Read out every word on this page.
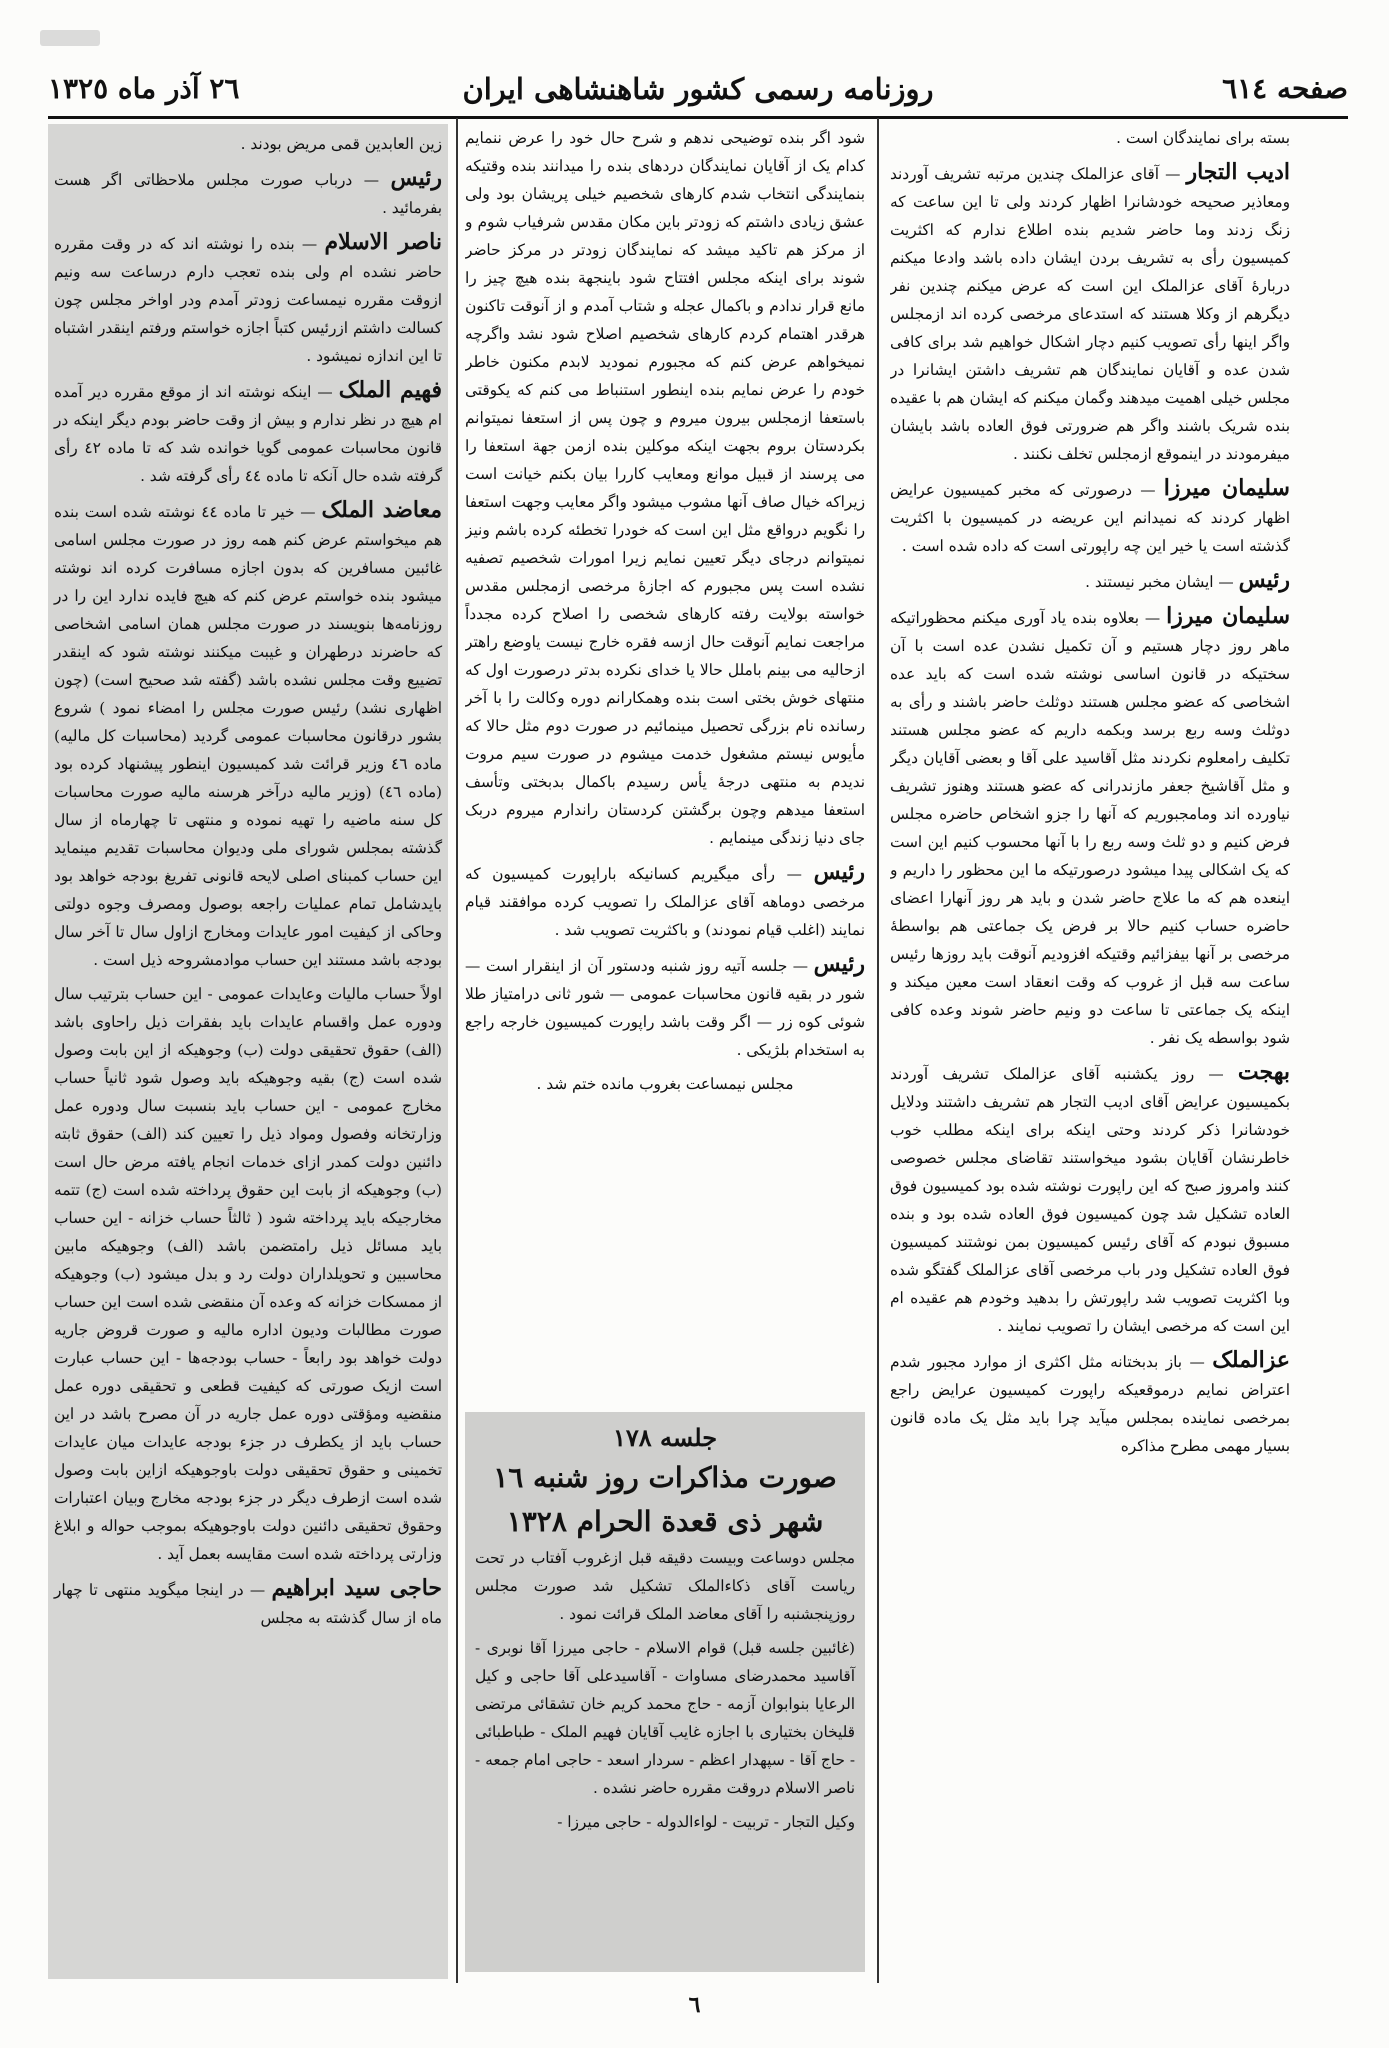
صفحه ٦١٤
روزنامه رسمی کشور شاهنشاهی ایران
٢٦ آذر ماه ١٣٢٥

بسته برای نمایندگان است .

ادیب التجار — آقای عزالملک چندین مرتبه تشریف آوردند ومعاذیر صحیحه خودشانرا اظهار کردند ولی تا این ساعت که زنگ زدند وما حاضر شدیم بنده اطلاع ندارم که اکثریت کمیسیون رأی به تشریف بردن ایشان داده باشد وادعا میکنم دربارهٔ آقای عزالملک این است که عرض میکنم چندین نفر دیگرهم از وکلا هستند که استدعای مرخصی کرده اند ازمجلس واگر اینها رأی تصویب کنیم دچار اشکال خواهیم شد برای کافی شدن عده و آقایان نمایندگان هم تشریف داشتن ایشانرا در مجلس خیلی اهمیت میدهند وگمان میکنم که ایشان هم با عقیده بنده شریک باشند واگر هم ضرورتی فوق العاده باشد بایشان میفرمودند در اینموقع ازمجلس تخلف نکنند .

سلیمان میرزا — درصورتی که مخبر کمیسیون عرایض اظهار کردند که نمیدانم این عریضه در کمیسیون با اکثریت گذشته است یا خیر این چه راپورتی است که داده شده است .

رئیس — ایشان مخبر نیستند .

سلیمان میرزا — بعلاوه بنده یاد آوری میکنم محظوراتیکه ماهر روز دچار هستیم و آن تکمیل نشدن عده است با آن سختیکه در قانون اساسی نوشته شده است که باید عده اشخاصی که عضو مجلس هستند دوثلث حاضر باشند و رأی به دوثلث وسه ربع برسد وبکمه داریم که عضو مجلس هستند تکلیف رامعلوم نکردند مثل آقاسید علی آقا و بعضی آقایان دیگر و مثل آقاشیخ جعفر مازندرانی که عضو هستند وهنوز تشریف نیاورده اند ومامجبوریم که آنها را جزو اشخاص حاضره مجلس فرض کنیم و دو ثلث وسه ربع را با آنها محسوب کنیم این است که یک اشکالی پیدا میشود درصورتیکه ما این محظور را داریم و اینعده هم که ما علاج حاضر شدن و باید هر روز آنهارا اعضای حاضره حساب کنیم حالا بر فرض یک جماعتی هم بواسطهٔ مرخصی بر آنها بیفزائیم وقتیکه افزودیم آنوقت باید روزها رئیس ساعت سه قبل از غروب که وقت انعقاد است معین میکند و اینکه یک جماعتی تا ساعت دو ونیم حاضر شوند وعده کافی شود بواسطه یک نفر .

بهجت — روز یکشنبه آقای عزالملک تشریف آوردند بکمیسیون عرایض آقای ادیب التجار هم تشریف داشتند ودلایل خودشانرا ذکر کردند وحتی اینکه برای اینکه مطلب خوب خاطرنشان آقایان بشود میخواستند تقاضای مجلس خصوصی کنند وامروز صبح که این راپورت نوشته شده بود کمیسیون فوق العاده تشکیل شد چون کمیسیون فوق العاده شده بود و بنده مسبوق نبودم که آقای رئیس کمیسیون بمن نوشتند کمیسیون فوق العاده تشکیل ودر باب مرخصی آقای عزالملک گفتگو شده وبا اکثریت تصویب شد راپورتش را بدهید وخودم هم عقیده ام این است که مرخصی ایشان را تصویب نمایند .

عزالملک — باز بدبختانه مثل اکثری از موارد مجبور شدم اعتراض نمایم درموقعیکه راپورت کمیسیون عرایض راجع بمرخصی نماینده بمجلس میآید چرا باید مثل یک ماده قانون بسیار مهمی مطرح مذاکره

شود اگر بنده توضیحی ندهم و شرح حال خود را عرض ننمایم کدام یک از آقایان نمایندگان دردهای بنده را میدانند بنده وقتیکه بنمایندگی انتخاب شدم کارهای شخصیم خیلی پریشان بود ولی عشق زیادی داشتم که زودتر باین مکان مقدس شرفیاب شوم و از مرکز هم تاکید میشد که نمایندگان زودتر در مرکز حاضر شوند برای اینکه مجلس افتتاح شود باینجهة بنده هیچ چیز را مانع قرار ندادم و باکمال عجله و شتاب آمدم و از آنوقت تاکنون هرقدر اهتمام کردم کارهای شخصیم اصلاح شود نشد واگرچه نمیخواهم عرض کنم که مجبورم نمودید لابدم مکنون خاطر خودم را عرض نمایم بنده اینطور استنباط می کنم که یکوقتی باستعفا ازمجلس بیرون میروم و چون پس از استعفا نمیتوانم بکردستان بروم بجهت اینکه موکلین بنده ازمن جهة استعفا را می پرسند از قبیل موانع ومعایب کاررا بیان بکنم خیانت است زیراکه خیال صاف آنها مشوب میشود واگر معایب وجهت استعفا را نگویم درواقع مثل این است که خودرا تخطئه کرده باشم ونیز نمیتوانم درجای دیگر تعیین نمایم زیرا امورات شخصیم تصفیه نشده است پس مجبورم که اجازهٔ مرخصی ازمجلس مقدس خواسته بولایت رفته کارهای شخصی را اصلاح کرده مجدداً مراجعت نمایم آنوقت حال ازسه فقره خارج نیست یاوضع راهتر ازحالیه می بینم باملل حالا یا خدای نکرده بدتر درصورت اول که منتهای خوش بختی است بنده وهمکارانم دوره وکالت را با آخر رسانده نام بزرگی تحصیل مینمائیم در صورت دوم مثل حالا که مأیوس نیستم مشغول خدمت میشوم در صورت سیم مروت ندیدم به منتهی درجهٔ یأس رسیدم باکمال بدبختی وتأسف استعفا میدهم وچون برگشتن کردستان راندارم میروم دربک جای دنیا زندگی مینمایم .

رئیس — رأی میگیریم کسانیکه باراپورت کمیسیون که مرخصی دوماهه آقای عزالملک را تصویب کرده موافقند قیام نمایند (اغلب قیام نمودند) و باکثریت تصویب شد .

رئیس — جلسه آتیه روز شنبه ودستور آن از اینقرار است — شور در بقیه قانون محاسبات عمومی — شور ثانی درامتیاز طلا شوئی کوه زر — اگر وقت باشد راپورت کمیسیون خارجه راجع به استخدام بلژیکی .

مجلس نیمساعت بغروب مانده ختم شد .

جلسه ١٧٨
صورت مذاکرات روز شنبه ١٦ شهر ذی قعدة الحرام ١٣٢٨

مجلس دوساعت وبیست دقیقه قبل ازغروب آفتاب در تحت ریاست آقای ذکاءالملک تشکیل شد صورت مجلس روزپنجشنبه را آقای معاضد الملک قرائت نمود .

(غائبین جلسه قبل) قوام الاسلام - حاجی میرزا آقا نوبری - آقاسید محمدرضای مساوات - آقاسیدعلی آقا حاجی و کیل الرعایا بنوابوان آزمه - حاج محمد کریم خان تشقائی مرتضی قلیخان بختیاری با اجازه غایب آقایان فهیم الملک - طباطبائی - حاج آقا - سپهدار اعظم - سردار اسعد - حاجی امام جمعه - ناصر الاسلام دروقت مقرره حاضر نشده .

وکیل التجار - تربیت - لواءالدوله - حاجی میرزا -

زین العابدین قمی مریض بودند .

رئیس — درباب صورت مجلس ملاحظاتی اگر هست بفرمائید .

ناصر الاسلام — بنده را نوشته اند که در وقت مقرره حاضر نشده ام ولی بنده تعجب دارم درساعت سه ونیم ازوقت مقرره نیمساعت زودتر آمدم ودر اواخر مجلس چون کسالت داشتم ازرئیس کتباً اجازه خواستم ورفتم اینقدر اشتباه تا این اندازه نمیشود .

فهیم الملک — اینکه نوشته اند از موقع مقرره دیر آمده ام هیچ در نظر ندارم و بیش از وقت حاضر بودم دیگر اینکه در قانون محاسبات عمومی گویا خوانده شد که تا ماده ٤٢ رأی گرفته شده حال آنکه تا ماده ٤٤ رأی گرفته شد .

معاضد الملک — خیر تا ماده ٤٤ نوشته شده است بنده هم میخواستم عرض کنم همه روز در صورت مجلس اسامی غائبین مسافرین که بدون اجازه مسافرت کرده اند نوشته میشود بنده خواستم عرض کنم که هیچ فایده ندارد این را در روزنامه‌ها بنویسند در صورت مجلس همان اسامی اشخاصی که حاضرند درطهران و غیبت میکنند نوشته شود که اینقدر تضییع وقت مجلس نشده باشد (گفته شد صحیح است) (چون اظهاری نشد) رئیس صورت مجلس را امضاء نمود ) شروع بشور درقانون محاسبات عمومی گردید (محاسبات کل مالیه) ماده ٤٦ وزیر قرائت شد کمیسیون اینطور پیشنهاد کرده بود (ماده ٤٦) (وزیر مالیه درآخر هرسنه مالیه صورت محاسبات کل سنه ماضیه را تهیه نموده و منتهی تا چهارماه از سال گذشته بمجلس شورای ملی ودیوان محاسبات تقدیم مینماید این حساب کمبنای اصلی لایحه قانونی تفریغ بودجه خواهد بود بایدشامل تمام عملیات راجعه بوصول ومصرف وجوه دولتی وحاکی از کیفیت امور عایدات ومخارج ازاول سال تا آخر سال بودجه باشد مستند این حساب موادمشروحه ذیل است .

اولاً حساب مالیات وعایدات عمومی - این حساب بترتیب سال ودوره عمل واقسام عایدات باید بفقرات ذیل راحاوی باشد (الف) حقوق تحقیقی دولت (ب) وجوهیکه از این بابت وصول شده است (ج) بقیه وجوهیکه باید وصول شود ثانیاً حساب مخارج عمومی - این حساب باید بنسبت سال ودوره عمل وزارتخانه وفصول ومواد ذیل را تعیین کند (الف) حقوق ثابته دائنین دولت کمدر ازای خدمات انجام یافته مرض حال است (ب) وجوهیکه از بابت این حقوق پرداخته شده است (ج) تتمه مخارجیکه باید پرداخته شود ( ثالثاً حساب خزانه - این حساب باید مسائل ذیل رامتضمن باشد (الف) وجوهیکه مابین محاسبین و تحویلداران دولت رد و بدل میشود (ب) وجوهیکه از ممسکات خزانه که وعده آن منقضی شده است این حساب صورت مطالبات ودیون اداره مالیه و صورت قروض جاریه دولت خواهد بود رابعاً - حساب بودجه‌ها - این حساب عبارت است ازیک صورتی که کیفیت قطعی و تحقیقی دوره عمل منقضیه ومؤقتی دوره عمل جاریه در آن مصرح باشد در این حساب باید از یکطرف در جزء بودجه عایدات میان عایدات تخمینی و حقوق تحقیقی دولت باوجوهیکه ازاین بابت وصول شده است ازطرف دیگر در جزء بودجه مخارج وبیان اعتبارات وحقوق تحقیقی دائنین دولت باوجوهیکه بموجب حواله و ابلاغ وزارتی پرداخته شده است مقایسه بعمل آید .

حاجی سید ابراهیم — در اینجا میگوید منتهی تا چهار ماه از سال گذشته به مجلس

٦
